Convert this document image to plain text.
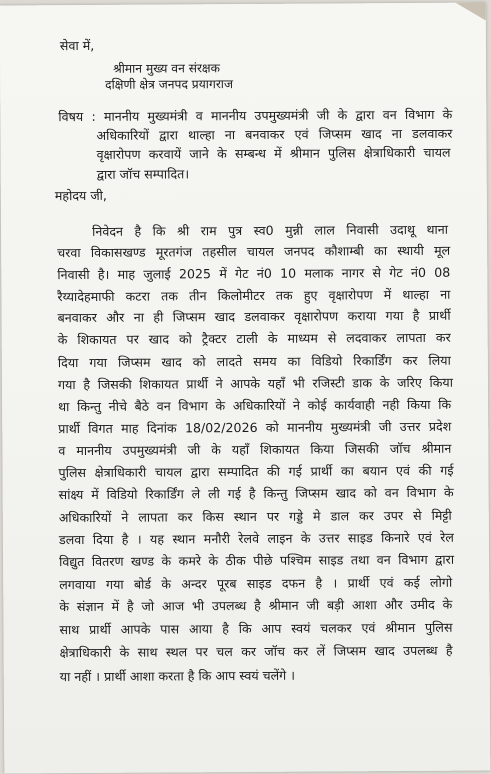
सेवा में,
श्रीमान मुख्य वन संरक्षक
दक्षिणी क्षेत्र जनपद प्रयागराज
विषय : माननीय मुख्यमंत्री व माननीय उपमुख्यमंत्री जी के द्वारा वन विभाग के
अधिकारियों द्वारा थाल्हा ना बनवाकर एवं जिप्सम खाद ना डलवाकर
वृक्षारोपण करवायें जाने के सम्बन्ध में श्रीमान पुलिस क्षेत्राधिकारी चायल
द्वारा जॉच सम्पादित।
महोदय जी,
निवेदन है कि श्री राम पुत्र स्व0 मुन्नी लाल निवासी उदाथू थाना
चरवा विकासखण्ड मूरतगंज तहसील चायल जनपद कौशाम्बी का स्थायी मूल
निवासी है। माह जुलाई 2025 में गेट नं0 10 मलाक नागर से गेट नं0 08
रैय्यादेहमाफी कटरा तक तीन किलोमीटर तक हुए वृक्षारोपण में थाल्हा ना
बनवाकर और ना ही जिप्सम खाद डलवाकर वृक्षारोपण कराया गया है प्रार्थी
के शिकायत पर खाद को ट्रैक्टर टाली के माध्यम से लदवाकर लापता कर
दिया गया जिप्सम खाद को लादते समय का विडियो रिकार्डिंग कर लिया
गया है जिसकी शिकायत प्रार्थी ने आपके यहाँ भी रजिस्टी डाक के जरिए किया
था किन्तु नीचे बैठे वन विभाग के अधिकारियों ने कोई कार्यवाही नही किया कि
प्रार्थी विगत माह दिनांक 18/02/2026 को माननीय मुख्यमंत्री जी उत्तर प्रदेश
व माननीय उपमुख्यमंत्री जी के यहाँ शिकायत किया जिसकी जॉच श्रीमान
पुलिस क्षेत्राधिकारी चायल द्वारा सम्पादित की गई प्रार्थी का बयान एवं की गई
सांक्ष्य में विडियो रिकार्डिंग ले ली गई है किन्तु जिप्सम खाद को वन विभाग के
अधिकारियों ने लापता कर किस स्थान पर गड्डे मे डाल कर उपर से मिट्टी
डलवा दिया है । यह स्थान मनौरी रेलवे लाइन के उत्तर साइड किनारे एवं रेल
विद्युत वितरण खण्ड के कमरे के ठीक पीछे पश्चिम साइड तथा वन विभाग द्वारा
लगवाया गया बोर्ड के अन्दर पूरब साइड दफन है । प्रार्थी एवं कई लोगो
के संज्ञान में है जो आज भी उपलब्ध है श्रीमान जी बड़ी आशा और उमीद के
साथ प्रार्थी आपके पास आया है कि आप स्वयं चलकर एवं श्रीमान पुलिस
क्षेत्राधिकारी के साथ स्थल पर चल कर जॉच कर लें जिप्सम खाद उपलब्ध है
या नहीं । प्रार्थी आशा करता है कि आप स्वयं चलेंगे ।
